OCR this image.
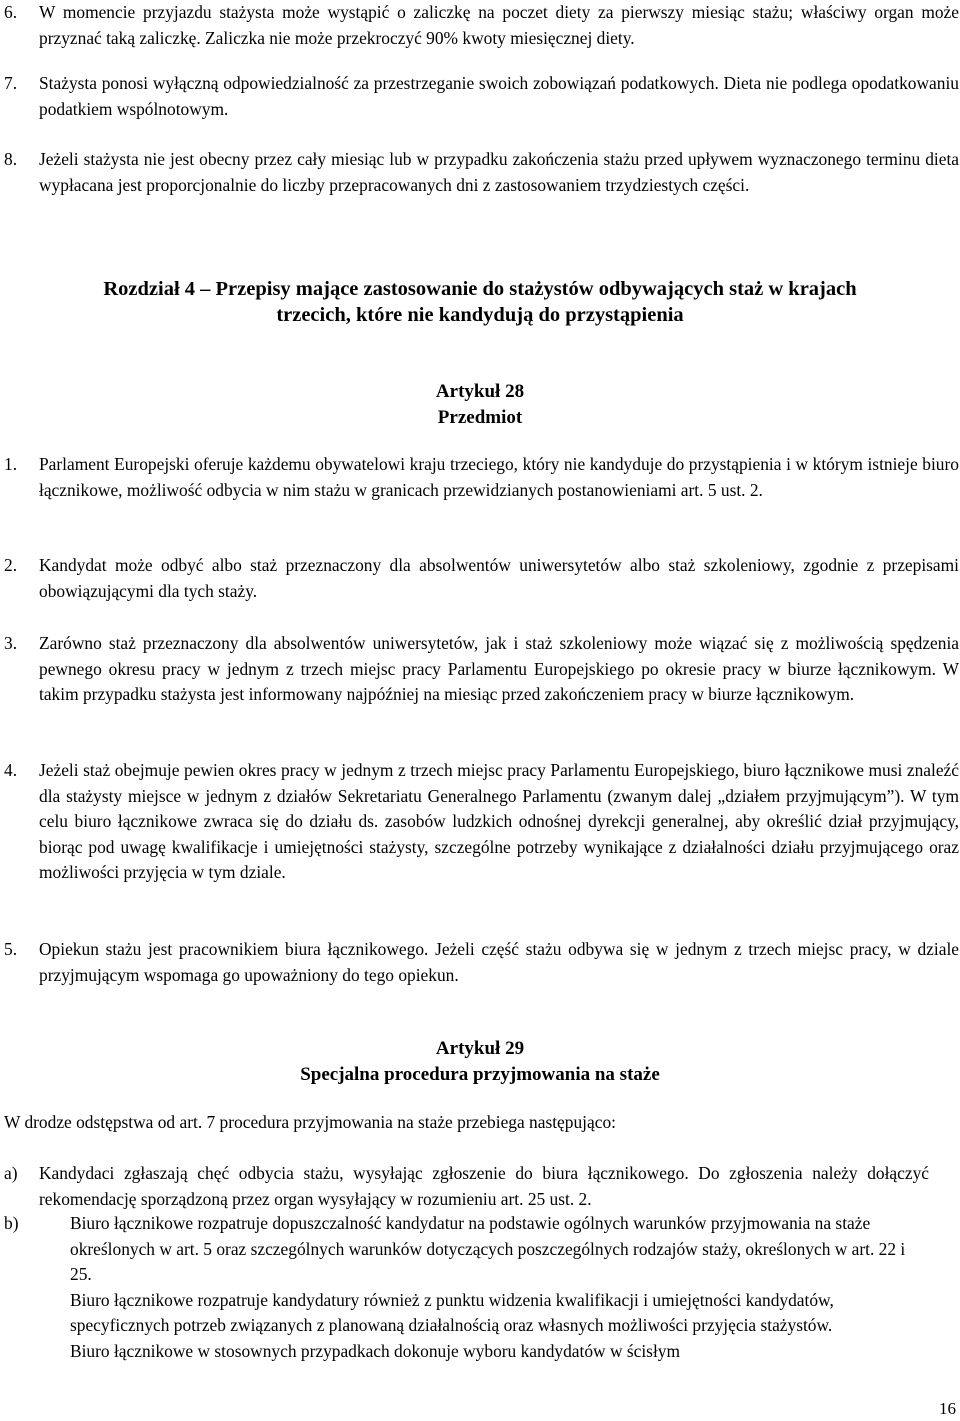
6.	W momencie przyjazdu stażysta może wystąpić o zaliczkę na poczet diety za pierwszy miesiąc stażu; właściwy organ może przyznać taką zaliczkę. Zaliczka nie może przekroczyć 90% kwoty miesięcznej diety.
7.	Stażysta ponosi wyłączną odpowiedzialność za przestrzeganie swoich zobowiązań podatkowych. Dieta nie podlega opodatkowaniu podatkiem wspólnotowym.
8.	Jeżeli stażysta nie jest obecny przez cały miesiąc lub w przypadku zakończenia stażu przed upływem wyznaczonego terminu dieta wypłacana jest proporcjonalnie do liczby przepracowanych dni z zastosowaniem trzydziestych części.
Rozdział 4 – Przepisy mające zastosowanie do stażystów odbywających staż w krajach
trzecich, które nie kandydują do przystąpienia
Artykuł 28
Przedmiot
1.	Parlament Europejski oferuje każdemu obywatelowi kraju trzeciego, który nie kandyduje do przystąpienia i w którym istnieje biuro łącznikowe, możliwość odbycia w nim stażu w granicach przewidzianych postanowieniami art. 5 ust. 2.
2.	Kandydat może odbyć albo staż przeznaczony dla absolwentów uniwersytetów albo staż szkoleniowy, zgodnie z przepisami obowiązującymi dla tych staży.
3.	Zarówno staż przeznaczony dla absolwentów uniwersytetów, jak i staż szkoleniowy może wiązać się z możliwością spędzenia pewnego okresu pracy w jednym z trzech miejsc pracy Parlamentu Europejskiego po okresie pracy w biurze łącznikowym. W takim przypadku stażysta jest informowany najpóźniej na miesiąc przed zakończeniem pracy w biurze łącznikowym.
4.	Jeżeli staż obejmuje pewien okres pracy w jednym z trzech miejsc pracy Parlamentu Europejskiego, biuro łącznikowe musi znaleźć dla stażysty miejsce w jednym z działów Sekretariatu Generalnego Parlamentu (zwanym dalej „działem przyjmującym”). W tym celu biuro łącznikowe zwraca się do działu ds. zasobów ludzkich odnośnej dyrekcji generalnej, aby określić dział przyjmujący, biorąc pod uwagę kwalifikacje i umiejętności stażysty, szczególne potrzeby wynikające z działalności działu przyjmującego oraz możliwości przyjęcia w tym dziale.
5.	Opiekun stażu jest pracownikiem biura łącznikowego. Jeżeli część stażu odbywa się w jednym z trzech miejsc pracy, w dziale przyjmującym wspomaga go upoważniony do tego opiekun.
Artykuł 29
Specjalna procedura przyjmowania na staże
W drodze odstępstwa od art. 7 procedura przyjmowania na staże przebiega następująco:
a)	Kandydaci zgłaszają chęć odbycia stażu, wysyłając zgłoszenie do biura łącznikowego. Do zgłoszenia należy dołączyć rekomendację sporządzoną przez organ wysyłający w rozumieniu art. 25 ust. 2.
b)	Biuro łącznikowe rozpatruje dopuszczalność kandydatur na podstawie ogólnych warunków przyjmowania na staże określonych w art. 5 oraz szczególnych warunków dotyczących poszczególnych rodzajów staży, określonych w art. 22 i 25.
Biuro łącznikowe rozpatruje kandydatury również z punktu widzenia kwalifikacji i umiejętności kandydatów, specyficznych potrzeb związanych z planowaną działalnością oraz własnych możliwości przyjęcia stażystów.
Biuro łącznikowe w stosownych przypadkach dokonuje wyboru kandydatów w ścisłym
16
